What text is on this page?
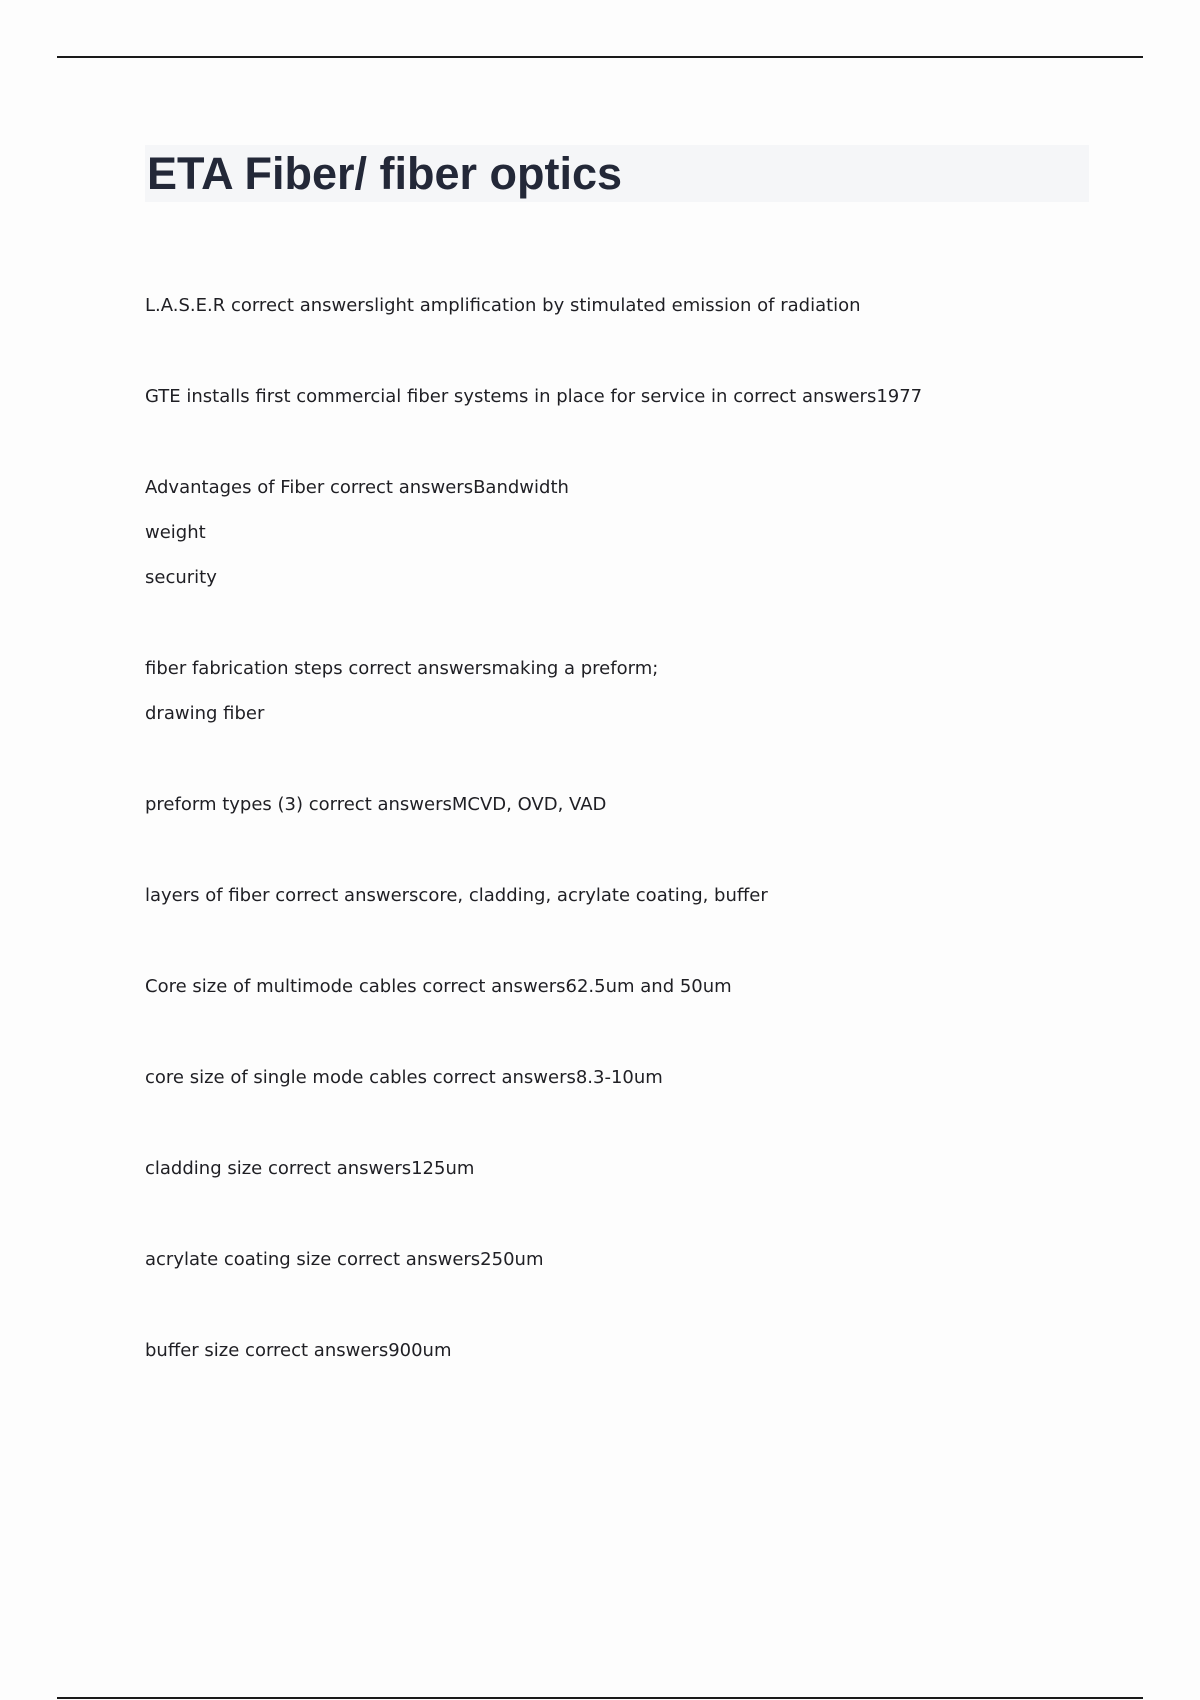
ETA Fiber/ fiber optics
L.A.S.E.R correct answerslight amplification by stimulated emission of radiation
GTE installs first commercial fiber systems in place for service in correct answers1977
Advantages of Fiber correct answersBandwidth
weight
security
fiber fabrication steps correct answersmaking a preform;
drawing fiber
preform types (3) correct answersMCVD, OVD, VAD
layers of fiber correct answerscore, cladding, acrylate coating, buffer
Core size of multimode cables correct answers62.5um and 50um
core size of single mode cables correct answers8.3-10um
cladding size correct answers125um
acrylate coating size correct answers250um
buffer size correct answers900um
